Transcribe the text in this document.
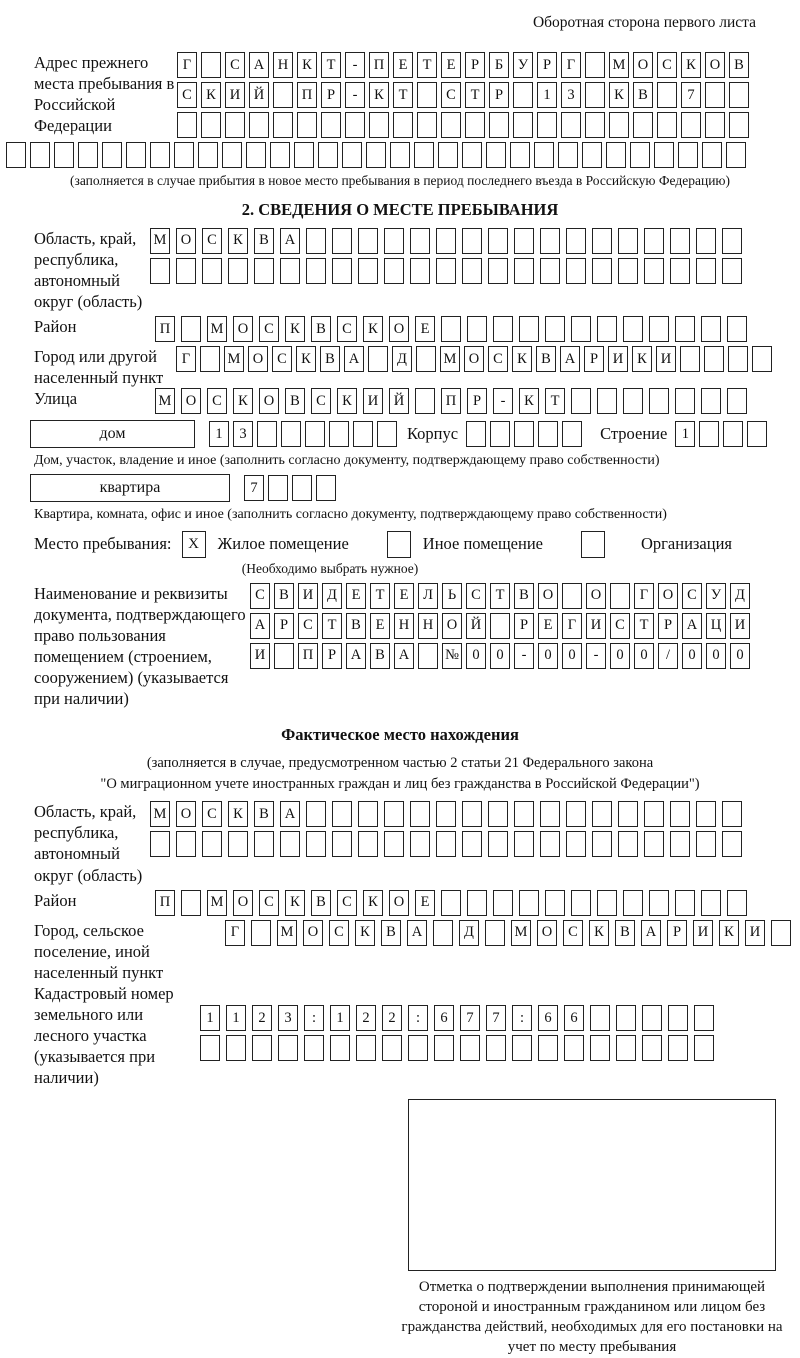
Оборотная сторона первого листа
Адрес прежнего места пребывания в Российской Федерации
Г	С А Н К	Т	-	П Е	Т	Е	Р	Б	У	Р	Г	М О С К О В
С К И Й	П	Р	-	К	Т	С	Т	Р	1	3	К В	7
(заполняется в случае прибытия в новое место пребывания в период последнего въезда в Российскую Федерацию)
2. СВЕДЕНИЯ О МЕСТЕ ПРЕБЫВАНИЯ
Область, край, республика, автономный округ (область)
М О	С	К	В	А
Район	П	М О	С	К	В	С	К	О	Е
Город или другой населенный пункт
Г	М О С К В А	Д	М О С К В А	Р	И К И
Улица	М О	С	К	О	В	С	К	И	Й	П	Р	-	К	Т
дом	1	3	Корпус	Строение 1
Дом, участок, владение и иное (заполнить согласно документу, подтверждающему право собственности)
квартира	7
Квартира, комната, офис и иное (заполнить согласно документу, подтверждающему право собственности)
Место пребывания:	X	Жилое помещение	Иное помещение	Организация
(Необходимо выбрать нужное)
Наименование и реквизиты документа, подтверждающего право пользования помещением (строением, сооружением) (указывается при наличии)
С В И Д	Е	Т	Е	Л	Ь	С	Т	В О	О	Г	О С У Д
А	Р	С	Т	В	Е Н Н О Й	Р	Е	Г	И С	Т	Р	А Ц И
И	П	Р	А В А	№ 0	0	-	0	0	-	0	0	/	0	0	0
Фактическое место нахождения
(заполняется в случае, предусмотренном частью 2 статьи 21 Федерального закона
"О миграционном учете иностранных граждан и лиц без гражданства в Российской Федерации")
Область, край, республика, автономный округ (область)
М О	С	К	В	А
Район	П	М О	С	К	В	С	К	О	Е
Город, сельское поселение, иной населенный пункт
Г	М О	С	К	В	А	Д	М О	С	К	В	А	Р	И	К	И
Кадастровый номер земельного или лесного участка (указывается при наличии)
1	1	2	3	:	1	2	2	:	6	7	7	:	6	6
Отметка о подтверждении выполнения принимающей стороной и иностранным гражданином или лицом без гражданства действий, необходимых для его постановки на учет по месту пребывания
